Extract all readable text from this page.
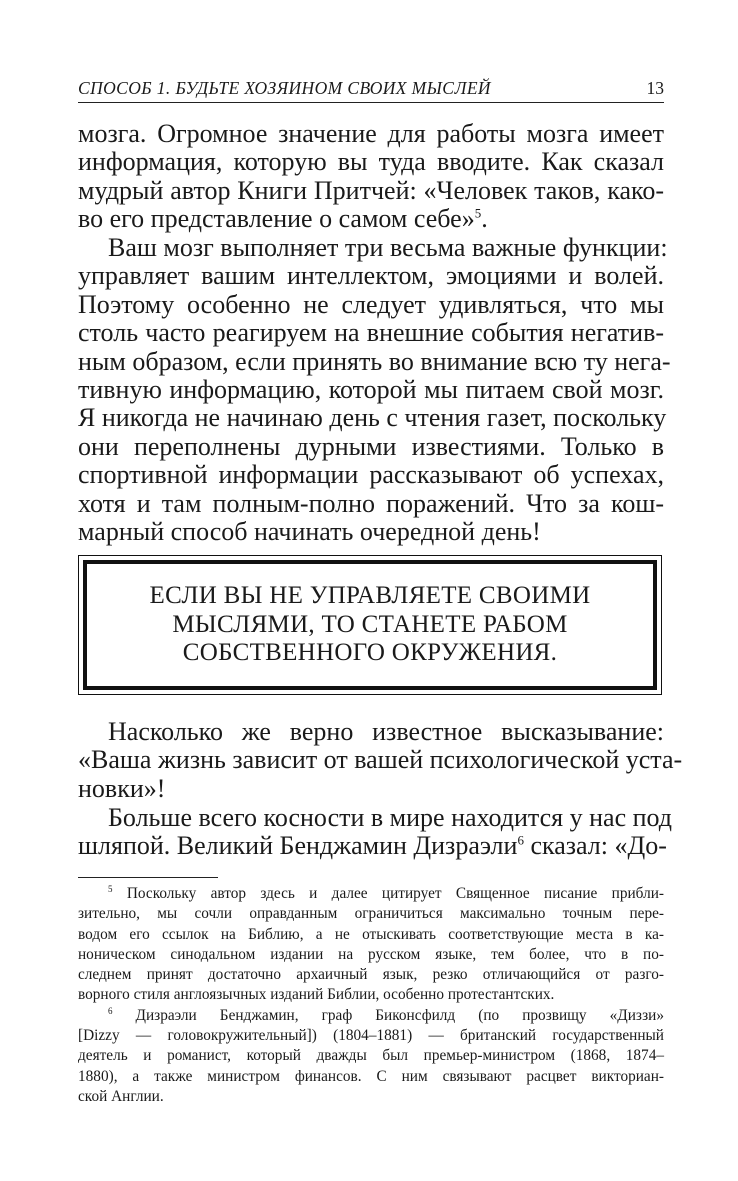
СПОСОБ 1. БУДЬТЕ ХОЗЯИНОМ СВОИХ МЫСЛЕЙ	13
мозга. Огромное значение для работы мозга имеет
информация, которую вы туда вводите. Как сказал
мудрый автор Книги Притчей: «Человек таков, како-
во его представление о самом себе»$^5$.
Ваш мозг выполняет три весьма важные функции:
управляет вашим интеллектом, эмоциями и волей.
Поэтому особенно не следует удивляться, что мы
столь часто реагируем на внешние события негатив-
ным образом, если принять во внимание всю ту нега-
тивную информацию, которой мы питаем свой мозг.
Я никогда не начинаю день с чтения газет, поскольку
они переполнены дурными известиями. Только в
спортивной информации рассказывают об успехах,
хотя и там полным-полно поражений. Что за кош-
марный способ начинать очередной день!
ЕСЛИ ВЫ НЕ УПРАВЛЯЕТЕ СВОИМИ
МЫСЛЯМИ, ТО СТАНЕТЕ РАБОМ
СОБСТВЕННОГО ОКРУЖЕНИЯ.
Насколько же верно известное высказывание:
«Ваша жизнь зависит от вашей психологической уста-
новки»!
Больше всего косности в мире находится у нас под
шляпой. Великий Бенджамин Дизраэли$^6$ сказал: «До-
$^5$ Поскольку автор здесь и далее цитирует Священное писание прибли-
зительно, мы сочли оправданным ограничиться максимально точным пере-
водом его ссылок на Библию, а не отыскивать соответствующие места в ка-
ноническом синодальном издании на русском языке, тем более, что в по-
следнем принят достаточно архаичный язык, резко отличающийся от разго-
ворного стиля англоязычных изданий Библии, особенно протестантских.
$^6$ Дизраэли Бенджамин, граф Биконсфилд (по прозвищу «Диззи»
[Dizzy — головокружительный]) (1804–1881) — британский государственный
деятель и романист, который дважды был премьер-министром (1868, 1874–
1880), а также министром финансов. С ним связывают расцвет викториан-
ской Англии.
